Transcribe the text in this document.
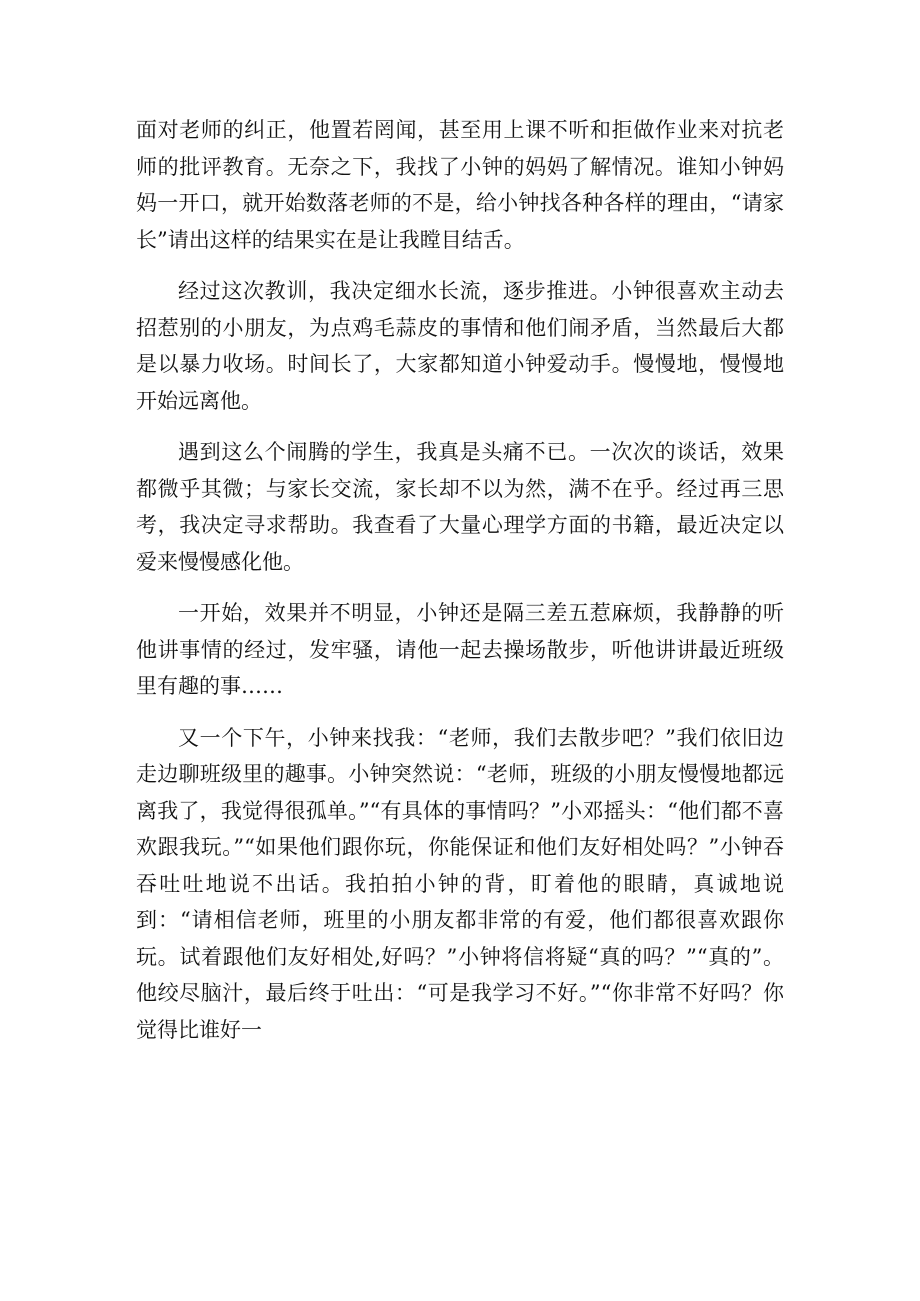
面对老师的纠正，他置若罔闻，甚至用上课不听和拒做作业来对抗老师的批评教育。无奈之下，我找了小钟的妈妈了解情况。谁知小钟妈妈一开口，就开始数落老师的不是，给小钟找各种各样的理由，“请家长”请出这样的结果实在是让我瞠目结舌。

经过这次教训，我决定细水长流，逐步推进。小钟很喜欢主动去招惹别的小朋友，为点鸡毛蒜皮的事情和他们闹矛盾，当然最后大都是以暴力收场。时间长了，大家都知道小钟爱动手。慢慢地，慢慢地开始远离他。

遇到这么个闹腾的学生，我真是头痛不已。一次次的谈话，效果都微乎其微；与家长交流，家长却不以为然，满不在乎。经过再三思考，我决定寻求帮助。我查看了大量心理学方面的书籍，最近决定以爱来慢慢感化他。

一开始，效果并不明显，小钟还是隔三差五惹麻烦，我静静的听他讲事情的经过，发牢骚，请他一起去操场散步，听他讲讲最近班级里有趣的事……

又一个下午，小钟来找我：“老师，我们去散步吧？”我们依旧边走边聊班级里的趣事。小钟突然说：“老师，班级的小朋友慢慢地都远离我了，我觉得很孤单。”“有具体的事情吗？”小邓摇头：“他们都不喜欢跟我玩。”“如果他们跟你玩，你能保证和他们友好相处吗？”小钟吞吞吐吐地说不出话。我拍拍小钟的背，盯着他的眼睛，真诚地说到：“请相信老师，班里的小朋友都非常的有爱，他们都很喜欢跟你玩。试着跟他们友好相处,好吗？”小钟将信将疑“真的吗？”“真的”。他绞尽脑汁，最后终于吐出：“可是我学习不好。”“你非常不好吗？你觉得比谁好一
